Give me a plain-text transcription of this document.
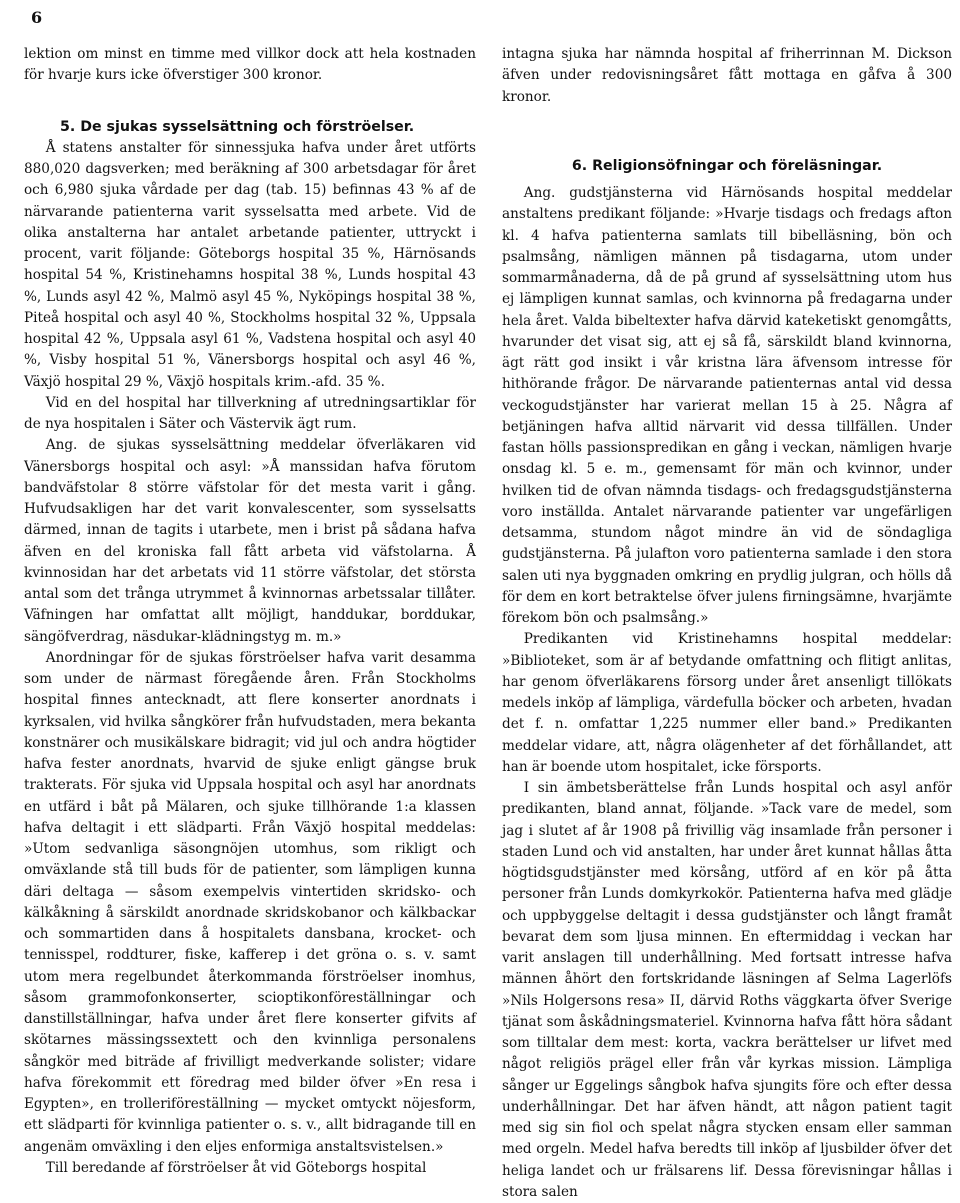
6

lektion om minst en timme med villkor dock att hela kostnaden för hvarje kurs icke öfverstiger 300 kronor.

5. De sjukas sysselsättning och förströelser.

Å statens anstalter för sinnessjuka hafva under året utförts 880,020 dagsverken; med beräkning af 300 arbetsdagar för året och 6,980 sjuka vårdade per dag (tab. 15) befinnas 43 % af de närvarande patienterna varit sysselsatta med arbete. Vid de olika anstalterna har antalet arbetande patienter, uttryckt i procent, varit följande: Göteborgs hospital 35 %, Härnösands hospital 54 %, Kristinehamns hospital 38 %, Lunds hospital 43 %, Lunds asyl 42 %, Malmö asyl 45 %, Nyköpings hospital 38 %, Piteå hospital och asyl 40 %, Stockholms hospital 32 %, Uppsala hospital 42 %, Uppsala asyl 61 %, Vadstena hospital och asyl 40 %, Visby hospital 51 %, Vänersborgs hospital och asyl 46 %, Växjö hospital 29 %, Växjö hospitals krim.-afd. 35 %.

Vid en del hospital har tillverkning af utredningsartiklar för de nya hospitalen i Säter och Västervik ägt rum.

Ang. de sjukas sysselsättning meddelar öfverläkaren vid Vänersborgs hospital och asyl: »Å manssidan hafva förutom bandväfstolar 8 större väfstolar för det mesta varit i gång. Hufvudsakligen har det varit konvalescenter, som sysselsatts därmed, innan de tagits i utarbete, men i brist på sådana hafva äfven en del kroniska fall fått arbeta vid väfstolarna. Å kvinnosidan har det arbetats vid 11 större väfstolar, det största antal som det trånga utrymmet å kvinnornas arbetssalar tillåter. Väfningen har omfattat allt möjligt, handdukar, borddukar, sängöfverdrag, näsdukar-klädningstyg m. m.»

Anordningar för de sjukas förströelser hafva varit desamma som under de närmast föregående åren. Från Stockholms hospital finnes antecknadt, att flere konserter anordnats i kyrksalen, vid hvilka sångkörer från hufvudstaden, mera bekanta konstnärer och musikälskare bidragit; vid jul och andra högtider hafva fester anordnats, hvarvid de sjuke enligt gängse bruk trakterats. För sjuka vid Uppsala hospital och asyl har anordnats en utfärd i båt på Mälaren, och sjuke tillhörande 1:a klassen hafva deltagit i ett slädparti. Från Växjö hospital meddelas: »Utom sedvanliga säsongnöjen utomhus, som rikligt och omväxlande stå till buds för de patienter, som lämpligen kunna däri deltaga — såsom exempelvis vintertiden skridsko- och kälkåkning å särskildt anordnade skridskobanor och kälkbackar och sommartiden dans å hospitalets dansbana, krocket- och tennisspel, roddturer, fiske, kafferep i det gröna o. s. v. samt utom mera regelbundet återkommanda förströelser inomhus, såsom grammofonkonserter, scioptikonföreställningar och danstillställningar, hafva under året flere konserter gifvits af skötarnes mässingssextett och den kvinnliga personalens sångkör med biträde af frivilligt medverkande solister; vidare hafva förekommit ett föredrag med bilder öfver »En resa i Egypten», en trolleriföreställning — mycket omtyckt nöjesform, ett slädparti för kvinnliga patienter o. s. v., allt bidragande till en angenäm omväxling i den eljes enformiga anstaltsvistelsen.»

Till beredande af förströelser åt vid Göteborgs hospital

intagna sjuka har nämnda hospital af friherrinnan M. Dickson äfven under redovisningsåret fått mottaga en gåfva å 300 kronor.

6. Religionsöfningar och föreläsningar.

Ang. gudstjänsterna vid Härnösands hospital meddelar anstaltens predikant följande: »Hvarje tisdags och fredags afton kl. 4 hafva patienterna samlats till bibelläsning, bön och psalmsång, nämligen männen på tisdagarna, utom under sommarmånaderna, då de på grund af sysselsättning utom hus ej lämpligen kunnat samlas, och kvinnorna på fredagarna under hela året. Valda bibeltexter hafva därvid kateketiskt genomgåtts, hvarunder det visat sig, att ej så få, särskildt bland kvinnorna, ägt rätt god insikt i vår kristna lära äfvensom intresse för hithörande frågor. De närvarande patienternas antal vid dessa veckogudstjänster har varierat mellan 15 à 25. Några af betjäningen hafva alltid närvarit vid dessa tillfällen. Under fastan hölls passionspredikan en gång i veckan, nämligen hvarje onsdag kl. 5 e. m., gemensamt för män och kvinnor, under hvilken tid de ofvan nämnda tisdags- och fredagsgudstjänsterna voro inställda. Antalet närvarande patienter var ungefärligen detsamma, stundom något mindre än vid de söndagliga gudstjänsterna. På julafton voro patienterna samlade i den stora salen uti nya byggnaden omkring en prydlig julgran, och hölls då för dem en kort betraktelse öfver julens firningsämne, hvarjämte förekom bön och psalmsång.»

Predikanten vid Kristinehamns hospital meddelar: »Biblioteket, som är af betydande omfattning och flitigt anlitas, har genom öfverläkarens försorg under året ansenligt tillökats medels inköp af lämpliga, värdefulla böcker och arbeten, hvadan det f. n. omfattar 1,225 nummer eller band.» Predikanten meddelar vidare, att, några olägenheter af det förhållandet, att han är boende utom hospitalet, icke försports.

I sin ämbetsberättelse från Lunds hospital och asyl anför predikanten, bland annat, följande. »Tack vare de medel, som jag i slutet af år 1908 på frivillig väg insamlade från personer i staden Lund och vid anstalten, har under året kunnat hållas åtta högtidsgudstjänster med körsång, utförd af en kör på åtta personer från Lunds domkyrkokör. Patienterna hafva med glädje och uppbyggelse deltagit i dessa gudstjänster och långt framåt bevarat dem som ljusa minnen. En eftermiddag i veckan har varit anslagen till underhållning. Med fortsatt intresse hafva männen åhört den fortskridande läsningen af Selma Lagerlöfs »Nils Holgersons resa» II, därvid Roths väggkarta öfver Sverige tjänat som åskådningsmateriel. Kvinnorna hafva fått höra sådant som tilltalar dem mest: korta, vackra berättelser ur lifvet med något religiös prägel eller från vår kyrkas mission. Lämpliga sånger ur Eggelings sångbok hafva sjungits före och efter dessa underhållningar. Det har äfven händt, att någon patient tagit med sig sin fiol och spelat några stycken ensam eller samman med orgeln. Medel hafva beredts till inköp af ljusbilder öfver det heliga landet och ur frälsarens lif. Dessa förevisningar hållas i stora salen
